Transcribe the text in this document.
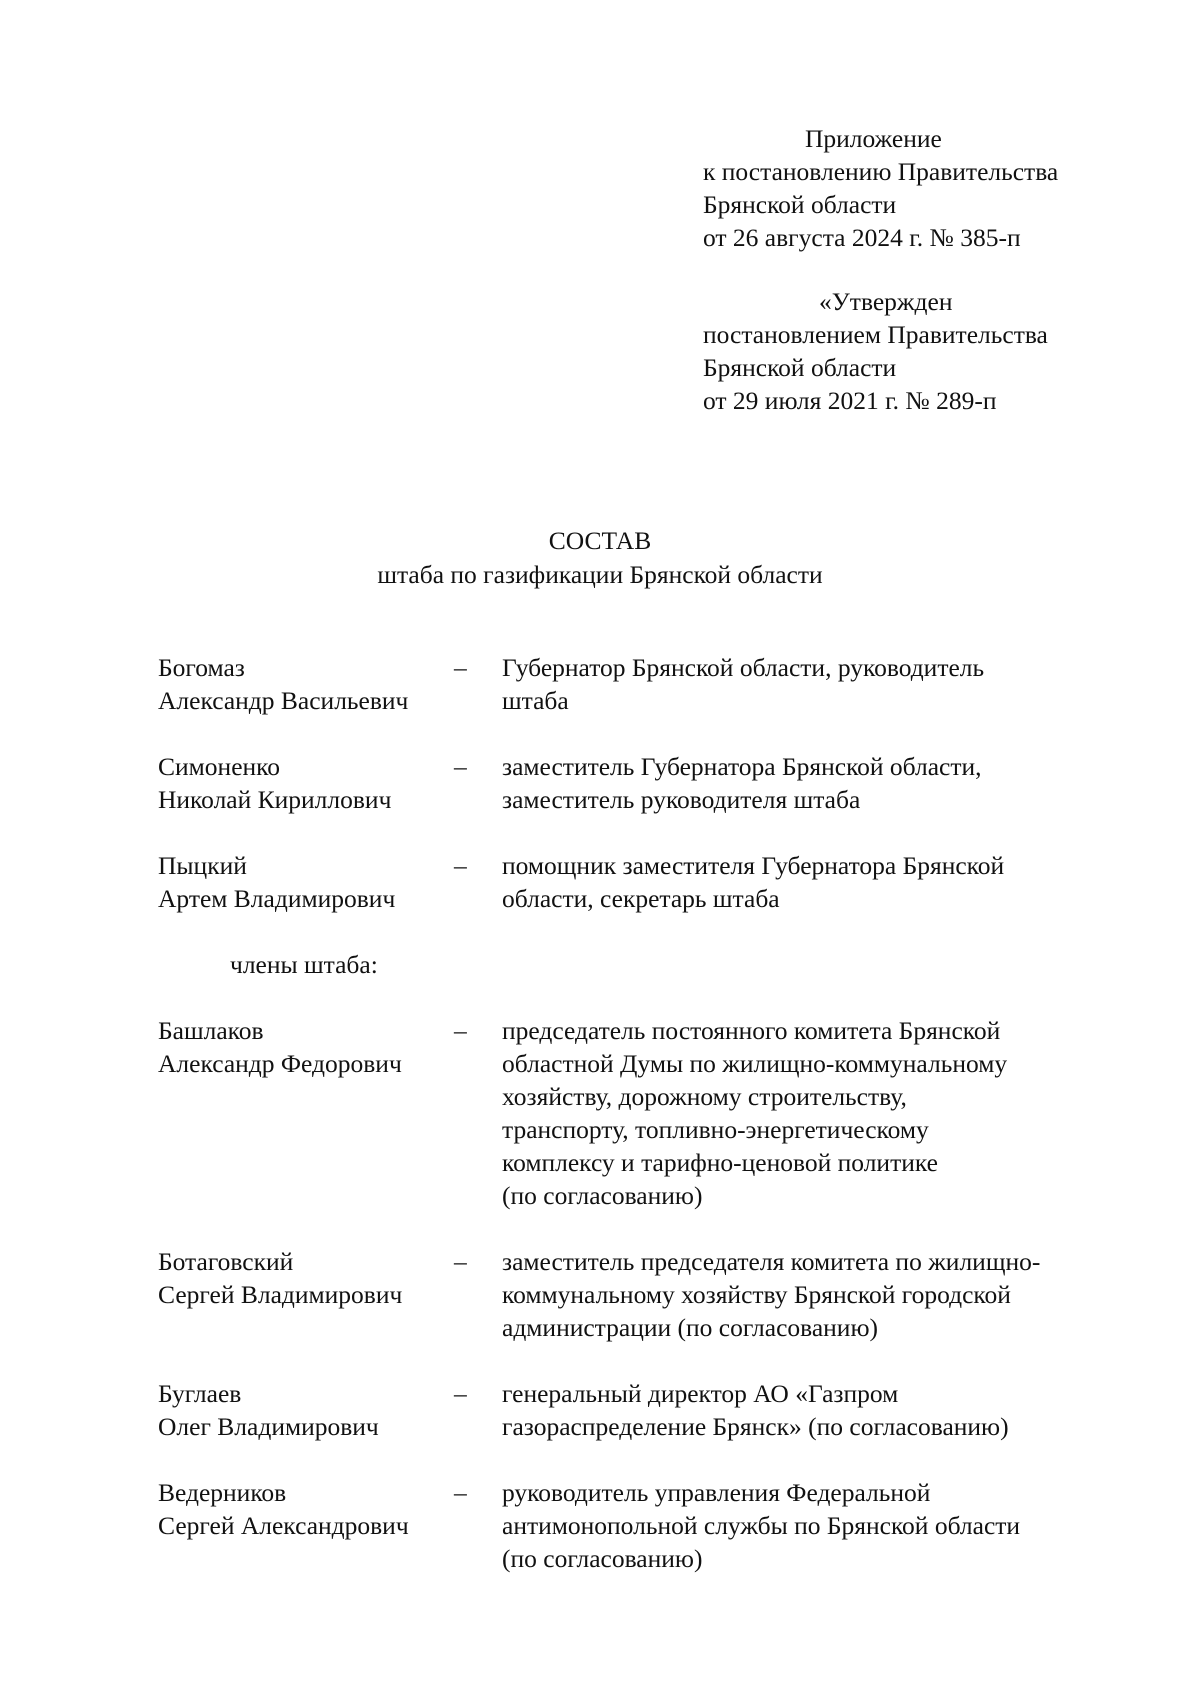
Приложение
к постановлению Правительства
Брянской области
от 26 августа 2024 г. № 385-п
«Утвержден
постановлением Правительства
Брянской области
от 29 июля 2021 г. № 289-п
СОСТАВ
штаба по газификации Брянской области
Богомаз
Александр Васильевич
–	Губернатор Брянской области, руководитель
штаба
Симоненко
Николай Кириллович
–	заместитель Губернатора Брянской области,
заместитель руководителя штаба
Пыцкий
Артем Владимирович
–	помощник заместителя Губернатора Брянской
области, секретарь штаба
члены штаба:
Башлаков
Александр Федорович
–	председатель постоянного комитета Брянской
областной Думы по жилищно-коммунальному
хозяйству, дорожному строительству,
транспорту, топливно-энергетическому
комплексу и тарифно-ценовой политике
(по согласованию)
Ботаговский
Сергей Владимирович
–	заместитель председателя комитета по жилищно-
коммунальному хозяйству Брянской городской
администрации (по согласованию)
Буглаев
Олег Владимирович
–	генеральный директор АО «Газпром
газораспределение Брянск» (по согласованию)
Ведерников
Сергей Александрович
–	руководитель управления Федеральной
антимонопольной службы по Брянской области
(по согласованию)
